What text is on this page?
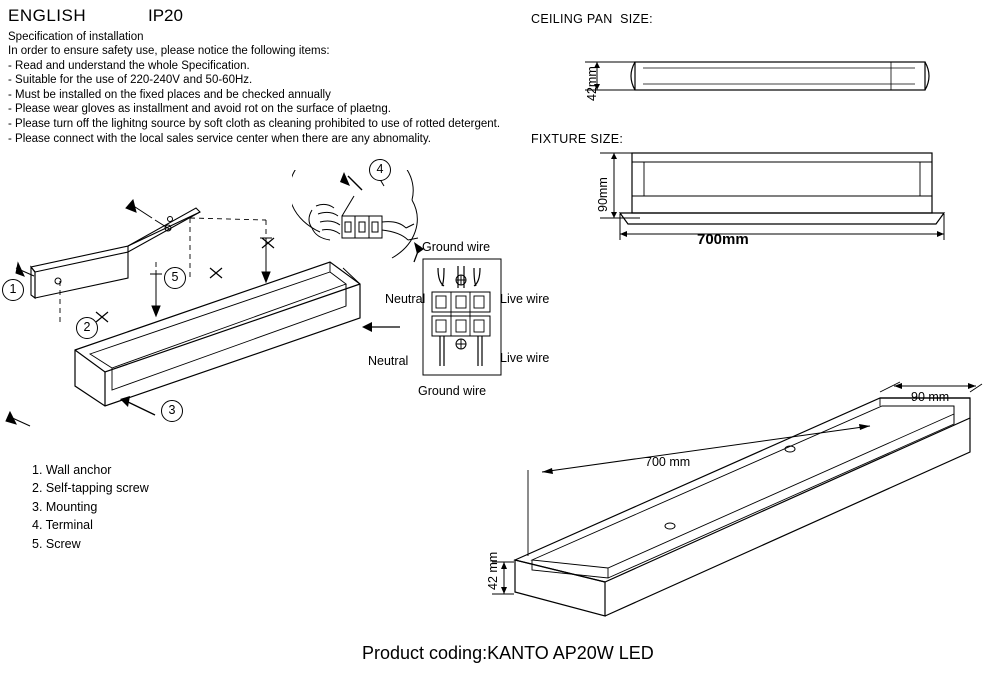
ENGLISH	IP20
Specification of installation
In order to ensure safety use, please notice the following items:
- Read and understand the whole Specification.
- Suitable for the use of 220-240V and 50-60Hz.
- Must be installed on the fixed places and be checked annually
- Please wear gloves as installment and avoid rot on the surface of plaetng.
- Please turn off the lighitng source by soft cloth as cleaning prohibited to use of rotted detergent.
- Please connect with the local sales service center when there are any abnomality.
CEILING PAN  SIZE:
42mm
FIXTURE SIZE:
90mm
700mm
Ground wire
Ground wire
Neutral
Neutral
Live wire
Live wire
1
2
3
4
5
1. Wall anchor
2. Self-tapping screw
3. Mounting
4. Terminal
5. Screw
90 mm
700 mm
42 mm
Product coding:KANTO AP20W LED
